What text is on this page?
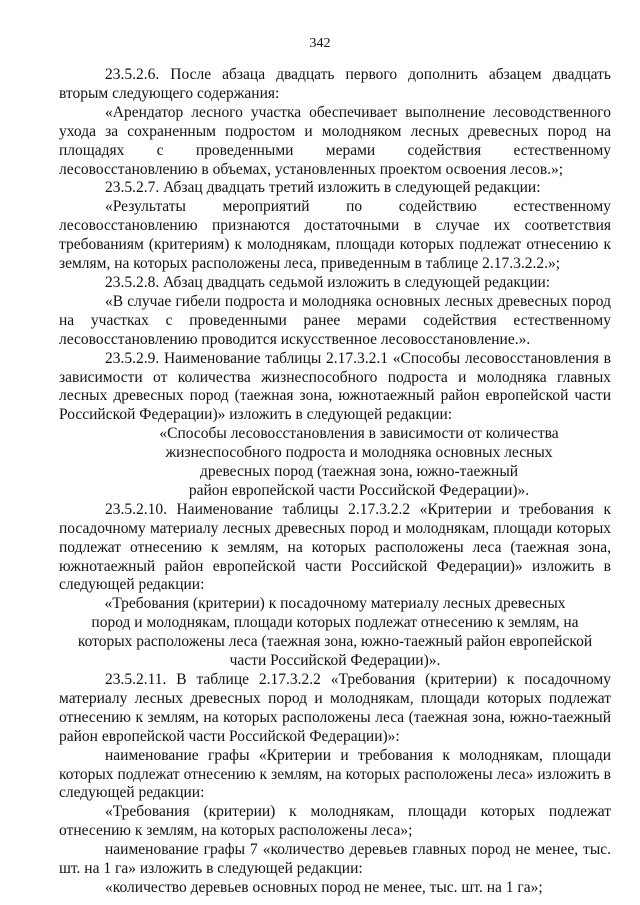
342

23.5.2.6. После абзаца двадцать первого дополнить абзацем двадцать вторым следующего содержания:

«Арендатор лесного участка обеспечивает выполнение лесоводственного ухода за сохраненным подростом и молодняком лесных древесных пород на площадях с проведенными мерами содействия естественному лесовосстановлению в объемах, установленных проектом освоения лесов.»;

23.5.2.7. Абзац двадцать третий изложить в следующей редакции:

«Результаты мероприятий по содействию естественному лесовосстановлению признаются достаточными в случае их соответствия требованиям (критериям) к молоднякам, площади которых подлежат отнесению к землям, на которых расположены леса, приведенным в таблице 2.17.3.2.2.»;

23.5.2.8. Абзац двадцать седьмой изложить в следующей редакции:

«В случае гибели подроста и молодняка основных лесных древесных пород на участках с проведенными ранее мерами содействия естественному лесовосстановлению проводится искусственное лесовосстановление.».

23.5.2.9. Наименование таблицы 2.17.3.2.1 «Способы лесовосстановления в зависимости от количества жизнеспособного подроста и молодняка главных лесных древесных пород (таежная зона, южнотаежный район европейской части Российской Федерации)» изложить в следующей редакции:

«Способы лесовосстановления в зависимости от количества

жизнеспособного подроста и молодняка основных лесных

древесных пород (таежная зона, южно-таежный

район европейской части Российской Федерации)».

23.5.2.10. Наименование таблицы 2.17.3.2.2 «Критерии и требования к посадочному материалу лесных древесных пород и молоднякам, площади которых подлежат отнесению к землям, на которых расположены леса (таежная зона, южнотаежный район европейской части Российской Федерации)» изложить в следующей редакции:

«Требования (критерии) к посадочному материалу лесных древесных

пород и молоднякам, площади которых подлежат отнесению к землям, на

которых расположены леса (таежная зона, южно-таежный район европейской

части Российской Федерации)».

23.5.2.11. В таблице 2.17.3.2.2 «Требования (критерии) к посадочному материалу лесных древесных пород и молоднякам, площади которых подлежат отнесению к землям, на которых расположены леса (таежная зона, южно-таежный район европейской части Российской Федерации)»:

наименование графы «Критерии и требования к молоднякам, площади которых подлежат отнесению к землям, на которых расположены леса» изложить в следующей редакции:

«Требования (критерии) к молоднякам, площади которых подлежат отнесению к землям, на которых расположены леса»;

наименование графы 7 «количество деревьев главных пород не менее, тыс. шт. на 1 га» изложить в следующей редакции:

«количество деревьев основных пород не менее, тыс. шт. на 1 га»;
